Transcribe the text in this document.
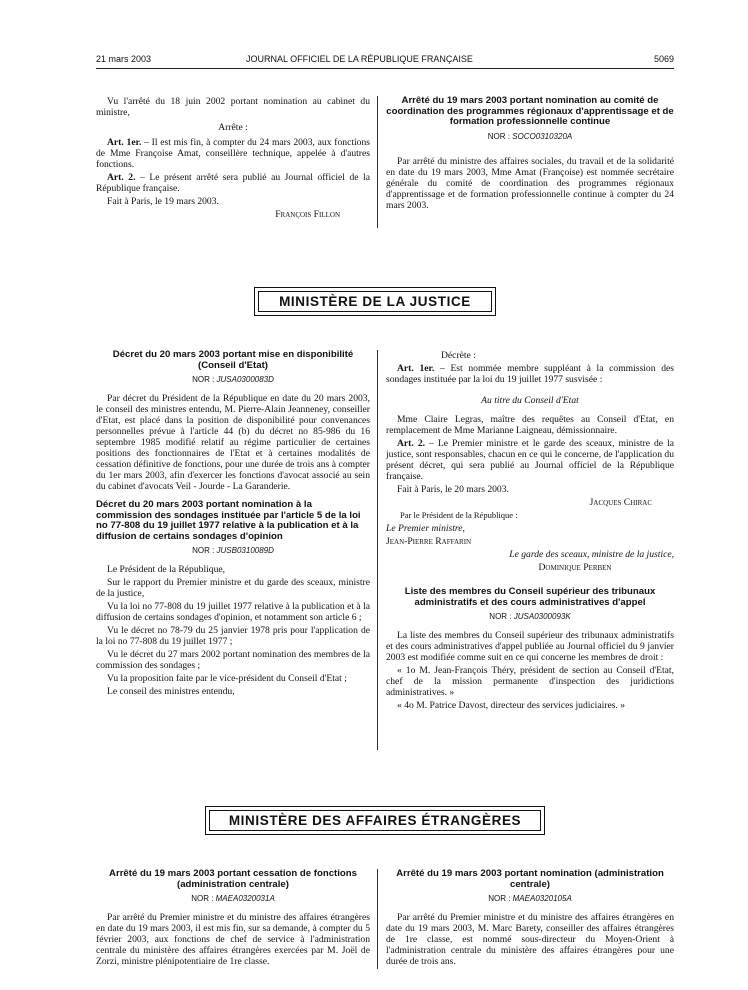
21 mars 2003	JOURNAL OFFICIEL DE LA RÉPUBLIQUE FRANÇAISE	5069

Vu l'arrêté du 18 juin 2002 portant nomination au cabinet du ministre,

Arrête :

Art. 1er. – Il est mis fin, à compter du 24 mars 2003, aux fonctions de Mme Françoise Amat, conseillère technique, appelée à d'autres fonctions.

Art. 2. – Le présent arrêté sera publié au Journal officiel de la République française.

Fait à Paris, le 19 mars 2003.

François Fillon

Arrêté du 19 mars 2003 portant nomination au comité de coordination des programmes régionaux d'apprentissage et de formation professionnelle continue
NOR : SOCO0310320A

Par arrêté du ministre des affaires sociales, du travail et de la solidarité en date du 19 mars 2003, Mme Amat (Françoise) est nommée secrétaire générale du comité de coordination des programmes régionaux d'apprentissage et de formation professionnelle continue à compter du 24 mars 2003.

MINISTÈRE DE LA JUSTICE
Décret du 20 mars 2003 portant mise en disponibilité (Conseil d'Etat)
NOR : JUSA0300083D

Par décret du Président de la République en date du 20 mars 2003, le conseil des ministres entendu, M. Pierre-Alain Jeanneney, conseiller d'Etat, est placé dans la position de disponibilité pour convenances personnelles prévue à l'article 44 (b) du décret no 85-986 du 16 septembre 1985 modifié relatif au régime particulier de certaines positions des fonctionnaires de l'Etat et à certaines modalités de cessation définitive de fonctions, pour une durée de trois ans à compter du 1er mars 2003, afin d'exercer les fonctions d'avocat associé au sein du cabinet d'avocats Veil - Jourde - La Garanderie.

Décret du 20 mars 2003 portant nomination à la commission des sondages instituée par l'article 5 de la loi no 77-808 du 19 juillet 1977 relative à la publication et à la diffusion de certains sondages d'opinion
NOR : JUSB0310089D

Le Président de la République,

Sur le rapport du Premier ministre et du garde des sceaux, ministre de la justice,

Vu la loi no 77-808 du 19 juillet 1977 relative à la publication et à la diffusion de certains sondages d'opinion, et notamment son article 6 ;

Vu le décret no 78-79 du 25 janvier 1978 pris pour l'application de la loi no 77-808 du 19 juillet 1977 ;

Vu le décret du 27 mars 2002 portant nomination des membres de la commission des sondages ;

Vu la proposition faite par le vice-président du Conseil d'Etat ;

Le conseil des ministres entendu,

Décrète :

Art. 1er. – Est nommée membre suppléant à la commission des sondages instituée par la loi du 19 juillet 1977 susvisée :

Au titre du Conseil d'Etat

Mme Claire Legras, maître des requêtes au Conseil d'Etat, en remplacement de Mme Marianne Laigneau, démissionnaire.

Art. 2. – Le Premier ministre et le garde des sceaux, ministre de la justice, sont responsables, chacun en ce qui le concerne, de l'application du présent décret, qui sera publié au Journal officiel de la République française.

Fait à Paris, le 20 mars 2003.

Jacques Chirac

Par le Président de la République :

Le Premier ministre,

Jean-Pierre Raffarin

Le garde des sceaux, ministre de la justice,

Dominique Perben

Liste des membres du Conseil supérieur des tribunaux administratifs et des cours administratives d'appel
NOR : JUSA0300093K

La liste des membres du Conseil supérieur des tribunaux administratifs et des cours administratives d'appel publiée au Journal officiel du 9 janvier 2003 est modifiée comme suit en ce qui concerne les membres de droit :

« 1o M. Jean-François Théry, président de section au Conseil d'Etat, chef de la mission permanente d'inspection des juridictions administratives. »

« 4o M. Patrice Davost, directeur des services judiciaires. »

MINISTÈRE DES AFFAIRES ÉTRANGÈRES
Arrêté du 19 mars 2003 portant cessation de fonctions (administration centrale)
NOR : MAEA0320031A

Par arrêté du Premier ministre et du ministre des affaires étrangères en date du 19 mars 2003, il est mis fin, sur sa demande, à compter du 5 février 2003, aux fonctions de chef de service à l'administration centrale du ministère des affaires étrangères exercées par M. Joël de Zorzi, ministre plénipotentiaire de 1re classe.

Arrêté du 19 mars 2003 portant nomination (administration centrale)
NOR : MAEA0320105A

Par arrêté du Premier ministre et du ministre des affaires étrangères en date du 19 mars 2003, M. Marc Barety, conseiller des affaires étrangères de 1re classe, est nommé sous-directeur du Moyen-Orient à l'administration centrale du ministère des affaires étrangères pour une durée de trois ans.
